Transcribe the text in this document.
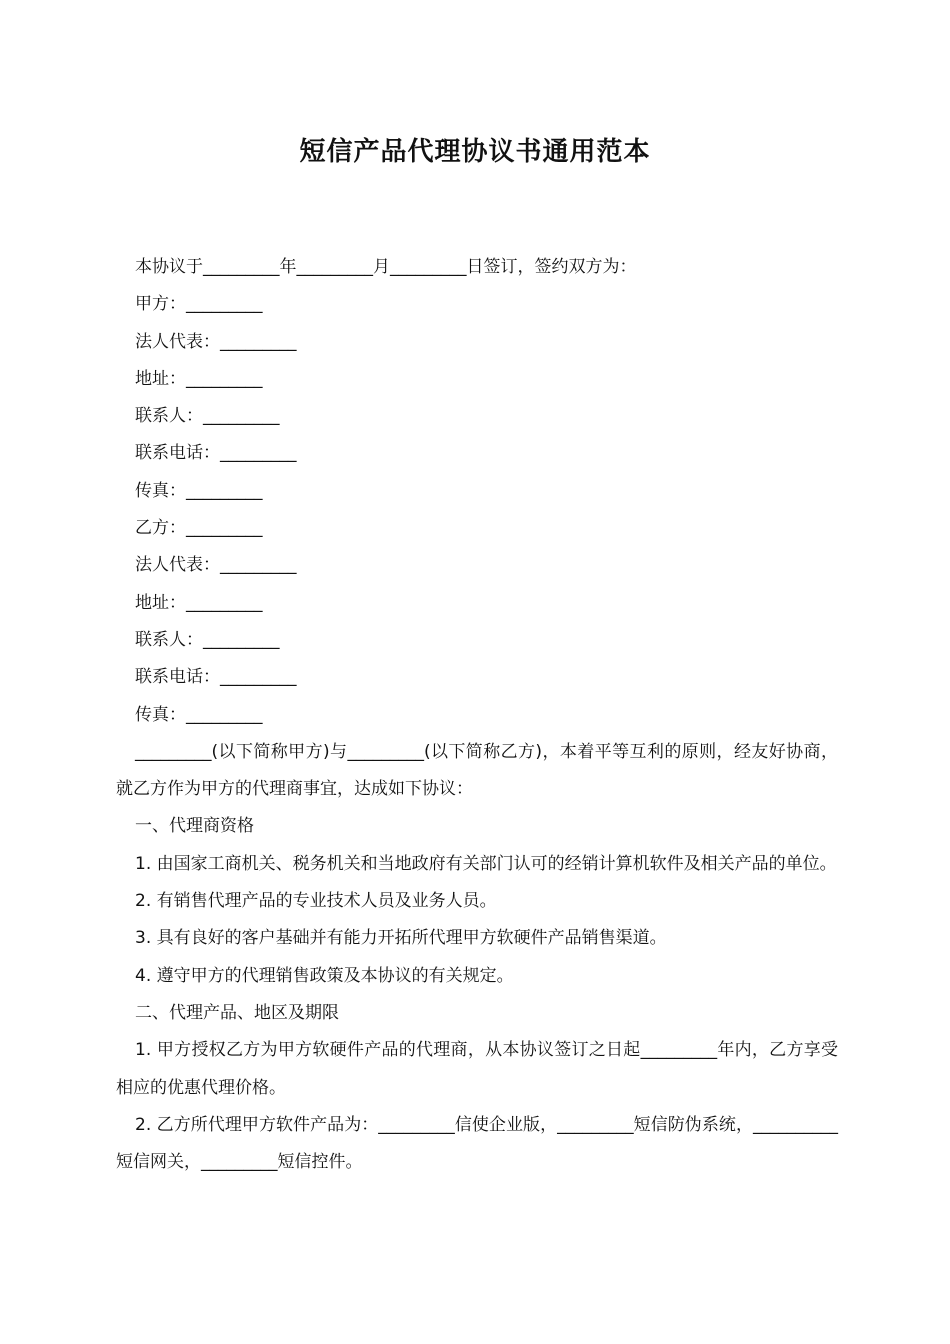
短信产品代理协议书通用范本

本协议于_________年_________月_________日签订，签约双方为：

甲方：_________

法人代表：_________

地址：_________

联系人：_________

联系电话：_________

传真：_________

乙方：_________

法人代表：_________

地址：_________

联系人：_________

联系电话：_________

传真：_________

_________(以下简称甲方)与_________(以下简称乙方)，本着平等互利的原则，经友好协商，就乙方作为甲方的代理商事宜，达成如下协议：

一、代理商资格

1. 由国家工商机关、税务机关和当地政府有关部门认可的经销计算机软件及相关产品的单位。

2. 有销售代理产品的专业技术人员及业务人员。

3. 具有良好的客户基础并有能力开拓所代理甲方软硬件产品销售渠道。

4. 遵守甲方的代理销售政策及本协议的有关规定。

二、代理产品、地区及期限

1. 甲方授权乙方为甲方软硬件产品的代理商，从本协议签订之日起_________年内，乙方享受相应的优惠代理价格。

2. 乙方所代理甲方软件产品为：_________信使企业版，_________短信防伪系统，__________短信网关，_________短信控件。
